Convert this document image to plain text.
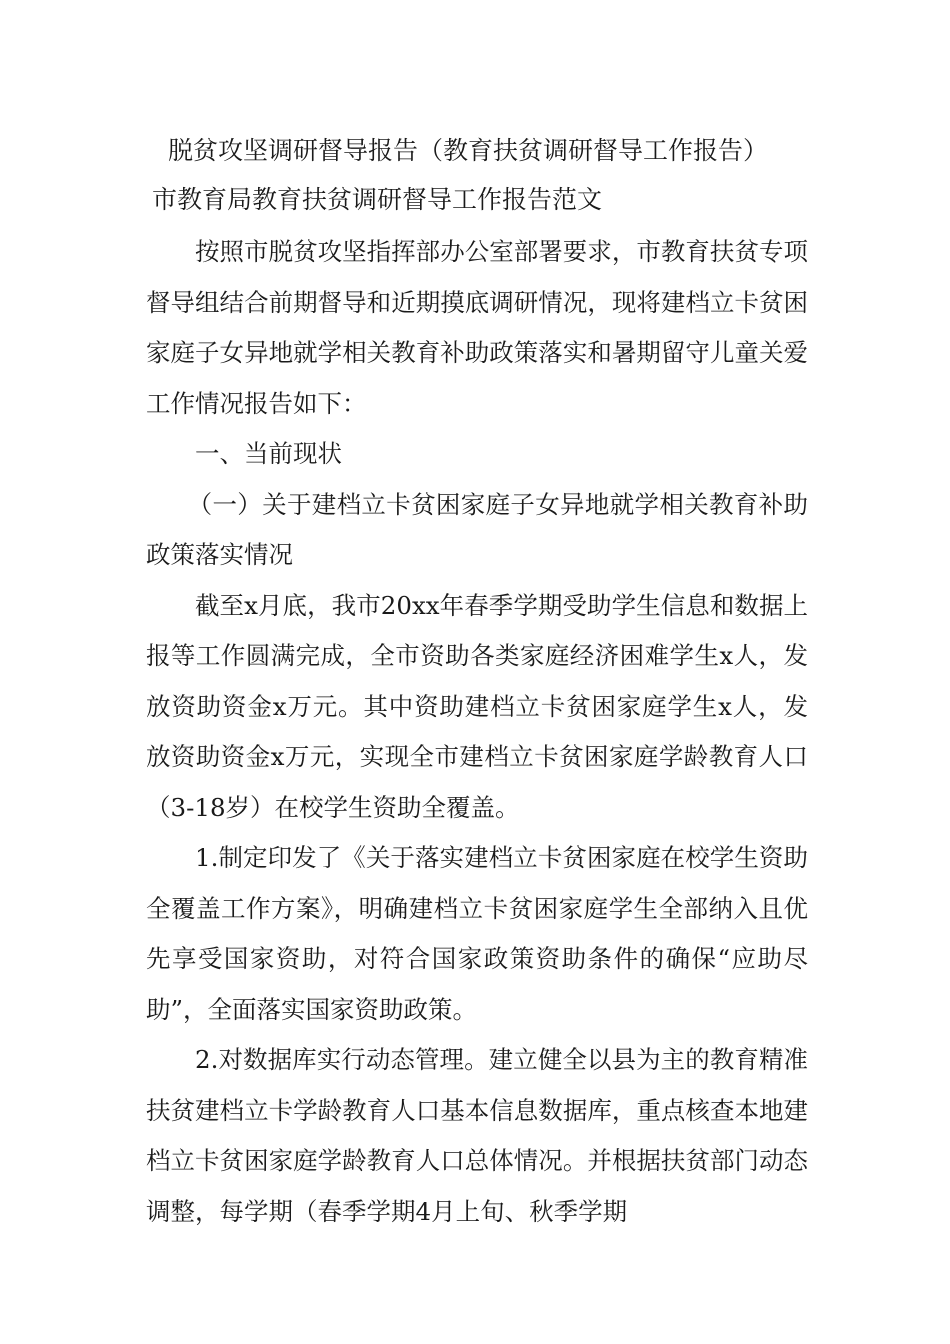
脱贫攻坚调研督导报告（教育扶贫调研督导工作报告）
市教育局教育扶贫调研督导工作报告范文

按照市脱贫攻坚指挥部办公室部署要求，市教育扶贫专项督导组结合前期督导和近期摸底调研情况，现将建档立卡贫困家庭子女异地就学相关教育补助政策落实和暑期留守儿童关爱工作情况报告如下：

一、当前现状

（一）关于建档立卡贫困家庭子女异地就学相关教育补助政策落实情况

截至x月底，我市20xx年春季学期受助学生信息和数据上报等工作圆满完成，全市资助各类家庭经济困难学生x人，发放资助资金x万元。其中资助建档立卡贫困家庭学生x人，发放资助资金x万元，实现全市建档立卡贫困家庭学龄教育人口（3-18岁）在校学生资助全覆盖。

1.制定印发了《关于落实建档立卡贫困家庭在校学生资助全覆盖工作方案》，明确建档立卡贫困家庭学生全部纳入且优先享受国家资助，对符合国家政策资助条件的确保“应助尽助”，全面落实国家资助政策。

2.对数据库实行动态管理。建立健全以县为主的教育精准扶贫建档立卡学龄教育人口基本信息数据库，重点核查本地建档立卡贫困家庭学龄教育人口总体情况。并根据扶贫部门动态调整，每学期（春季学期4月上旬、秋季学期
